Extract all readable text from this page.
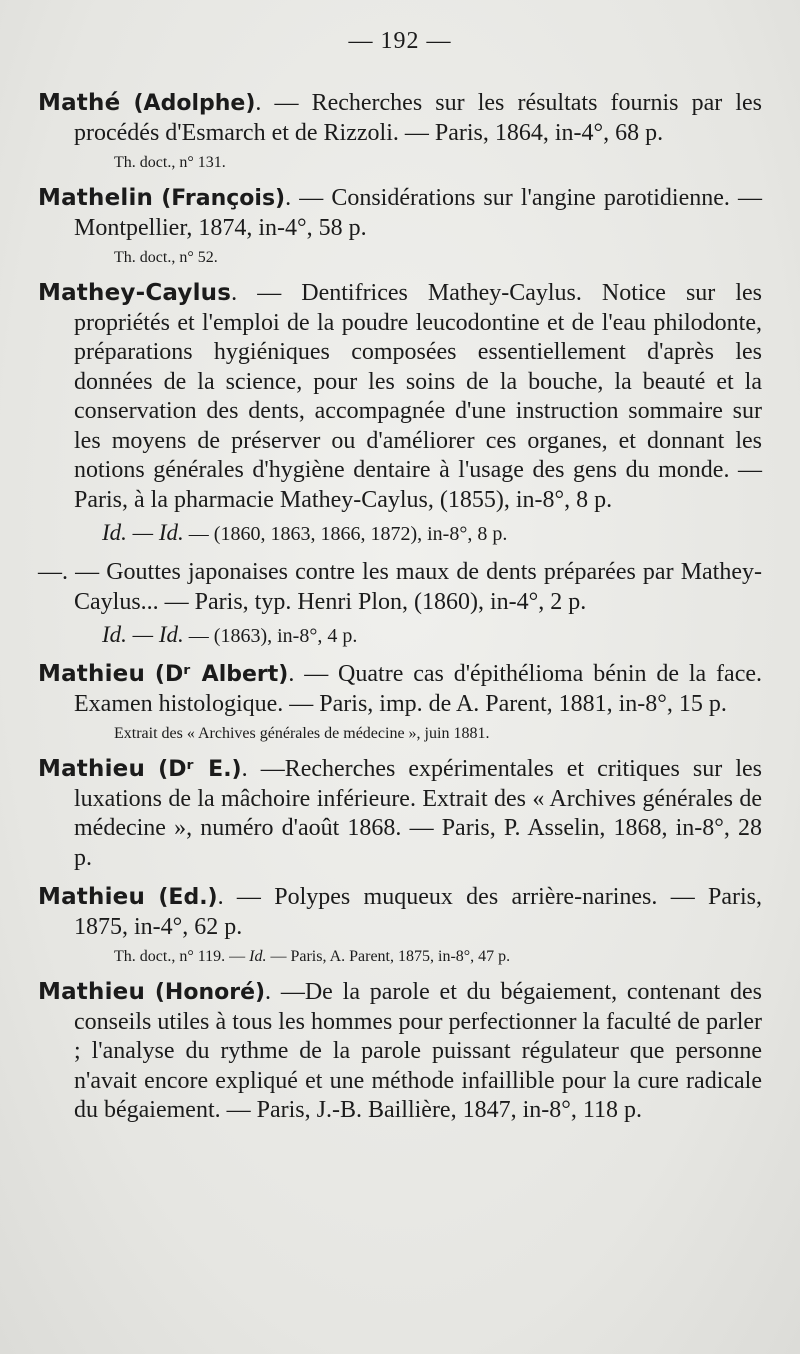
— 192 —

Mathé (Adolphe). — Recherches sur les résultats fournis par les procédés d'Esmarch et de Rizzoli. — Paris, 1864, in-4°, 68 p.

Th. doct., n° 131.

Mathelin (François). — Considérations sur l'angine parotidienne. — Montpellier, 1874, in-4°, 58 p.

Th. doct., n° 52.

Mathey-Caylus. — Dentifrices Mathey-Caylus. Notice sur les propriétés et l'emploi de la poudre leucodontine et de l'eau philodonte, préparations hygiéniques composées essentiellement d'après les données de la science, pour les soins de la bouche, la beauté et la conservation des dents, accompagnée d'une instruction sommaire sur les moyens de préserver ou d'améliorer ces organes, et donnant les notions générales d'hygiène dentaire à l'usage des gens du monde. — Paris, à la pharmacie Mathey-Caylus, (1855), in-8°, 8 p.

Id. — Id. — (1860, 1863, 1866, 1872), in-8°, 8 p.

—. — Gouttes japonaises contre les maux de dents préparées par Mathey-Caylus... — Paris, typ. Henri Plon, (1860), in-4°, 2 p.

Id. — Id. — (1863), in-8°, 4 p.

Mathieu (Dʳ Albert). — Quatre cas d'épithélioma bénin de la face. Examen histologique. — Paris, imp. de A. Parent, 1881, in-8°, 15 p.

Extrait des « Archives générales de médecine », juin 1881.

Mathieu (Dʳ E.). —Recherches expérimentales et critiques sur les luxations de la mâchoire inférieure. Extrait des « Archives générales de médecine », numéro d'août 1868. — Paris, P. Asselin, 1868, in-8°, 28 p.

Mathieu (Ed.). — Polypes muqueux des arrière-narines. — Paris, 1875, in-4°, 62 p.

Th. doct., n° 119. — Id. — Paris, A. Parent, 1875, in-8°, 47 p.

Mathieu (Honoré). —De la parole et du bégaiement, contenant des conseils utiles à tous les hommes pour perfectionner la faculté de parler ; l'analyse du rythme de la parole puissant régulateur que personne n'avait encore expliqué et une méthode infaillible pour la cure radicale du bégaiement. — Paris, J.-B. Baillière, 1847, in-8°, 118 p.
